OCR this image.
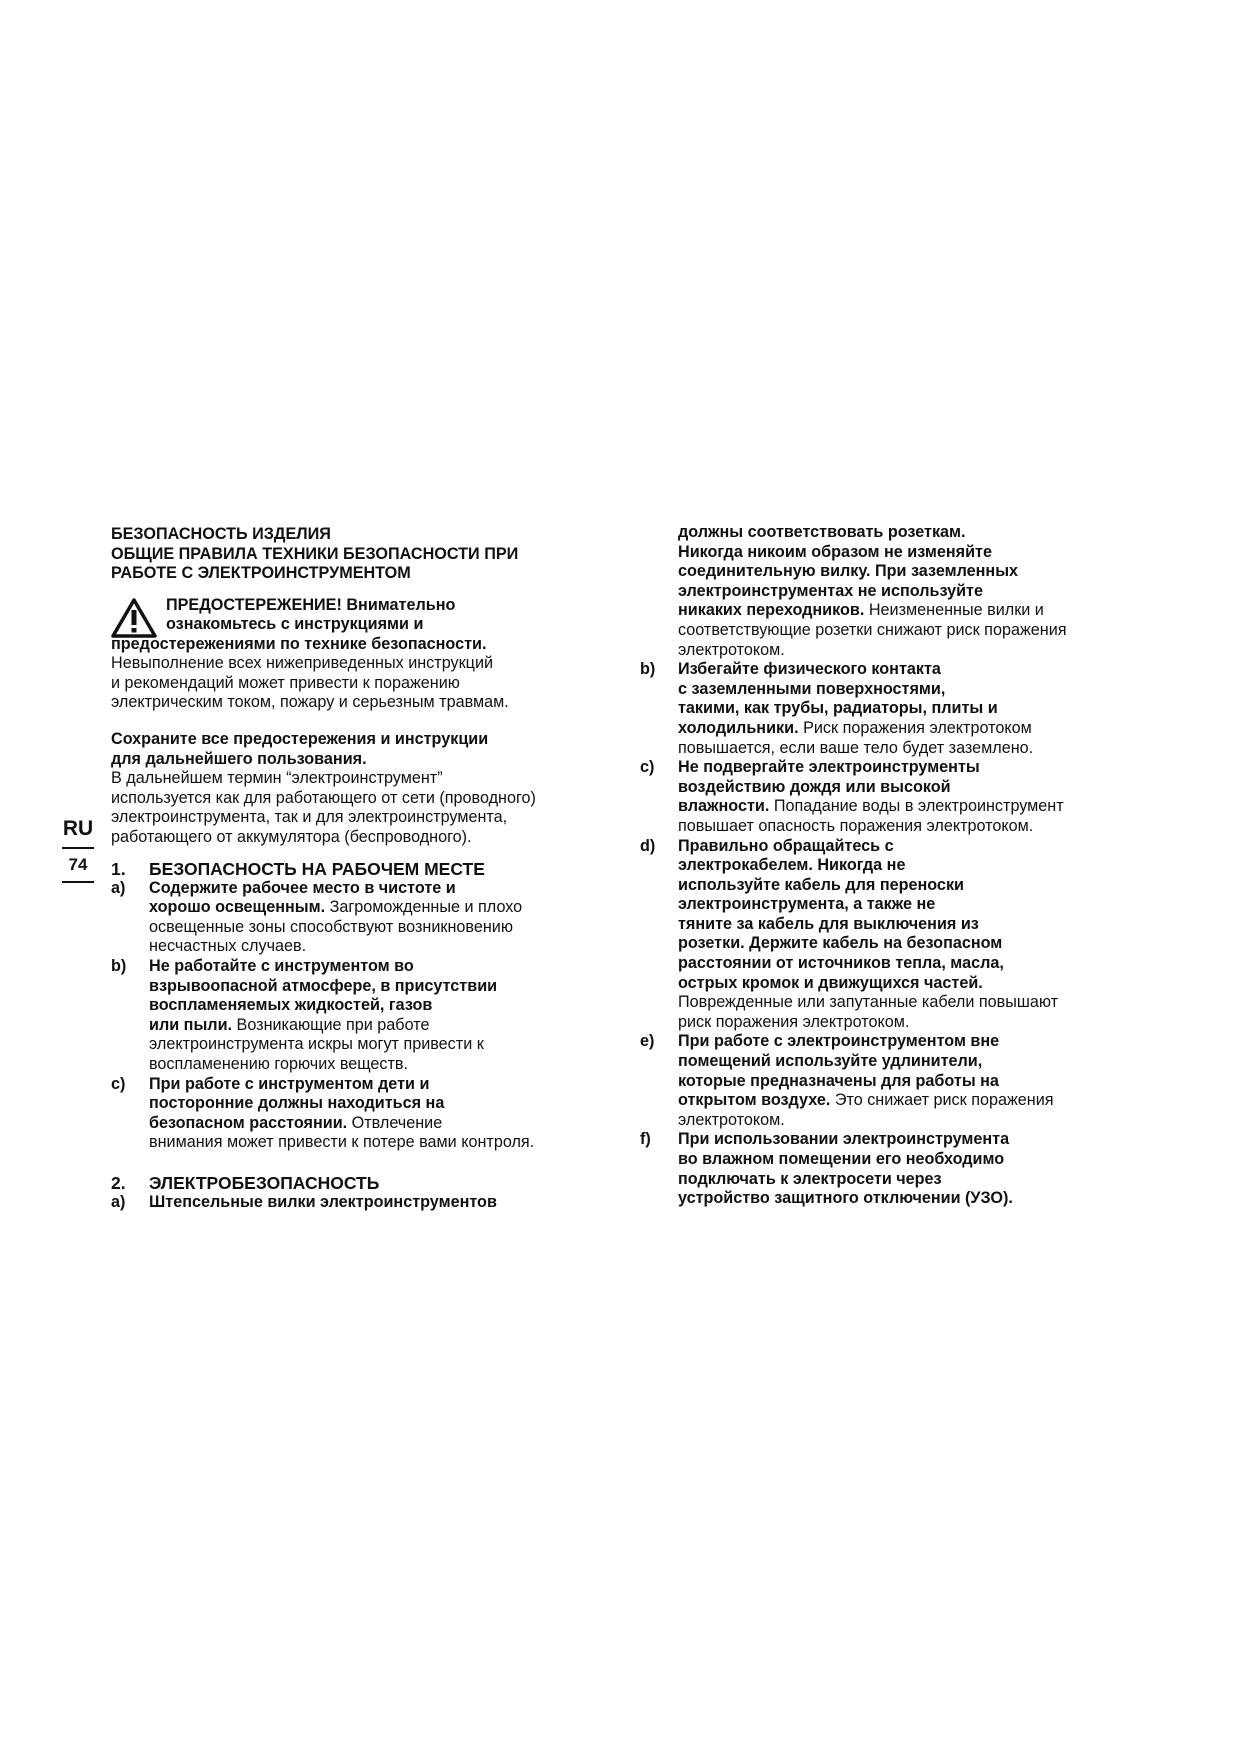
RU
74

БЕЗОПАСНОСТЬ ИЗДЕЛИЯ

ОБЩИЕ ПРАВИЛА ТЕХНИКИ БЕЗОПАСНОСТИ ПРИ

РАБОТЕ С ЭЛЕКТРОИНСТРУМЕНТОМ

ПРЕДОСТЕРЕЖЕНИЕ! Внимательно

ознакомьтесь с инструкциями и

предостережениями по технике безопасности.

Невыполнение всех нижеприведенных инструкций

и рекомендаций может привести к поражению

электрическим током, пожару и серьезным травмам.

Сохраните все предостережения и инструкции

для дальнейшего пользования.

В дальнейшем термин “электроинструмент”

используется как для работающего от сети (проводного)

электроинструмента, так и для электроинструмента,

работающего от аккумулятора (беспроводного).

1.	БЕЗОПАСНОСТЬ НА РАБОЧЕМ МЕСТЕ

a)	Содержите рабочее место в чистоте и
хорошо освещенным. Загроможденные и плохо
освещенные зоны способствуют возникновению
несчастных случаев.
b)	Не работайте с инструментом во
взрывоопасной атмосфере, в присутствии
воспламеняемых жидкостей, газов
или пыли. Возникающие при работе
электроинструмента искры могут привести к
воспламенению горючих веществ.
c)	При работе с инструментом дети и
посторонние должны находиться на
безопасном расстоянии. Отвлечение
внимания может привести к потере вами контроля.

2.	ЭЛЕКТРОБЕЗОПАСНОСТЬ

a)	Штепсельные вилки электроинструментов
должны соответствовать розеткам.
Никогда никоим образом не изменяйте
соединительную вилку. При заземленных
электроинструментах не используйте
никаких переходников. Неизмененные вилки и
соответствующие розетки снижают риск поражения
электротоком.
b)	Избегайте физического контакта
с заземленными поверхностями,
такими, как трубы, радиаторы, плиты и
холодильники. Риск поражения электротоком
повышается, если ваше тело будет заземлено.
c)	Не подвергайте электроинструменты
воздействию дождя или высокой
влажности. Попадание воды в электроинструмент
повышает опасность поражения электротоком.
d)	Правильно обращайтесь с
электрокабелем. Никогда не
используйте кабель для переноски
электроинструмента, а также не
тяните за кабель для выключения из
розетки. Держите кабель на безопасном
расстоянии от источников тепла, масла,
острых кромок и движущихся частей.
Поврежденные или запутанные кабели повышают
риск поражения электротоком.
e)	При работе с электроинструментом вне
помещений используйте удлинители,
которые предназначены для работы на
открытом воздухе. Это снижает риск поражения
электротоком.
f)	При использовании электроинструмента
во влажном помещении его необходимо
подключать к электросети через
устройство защитного отключении (УЗО).
